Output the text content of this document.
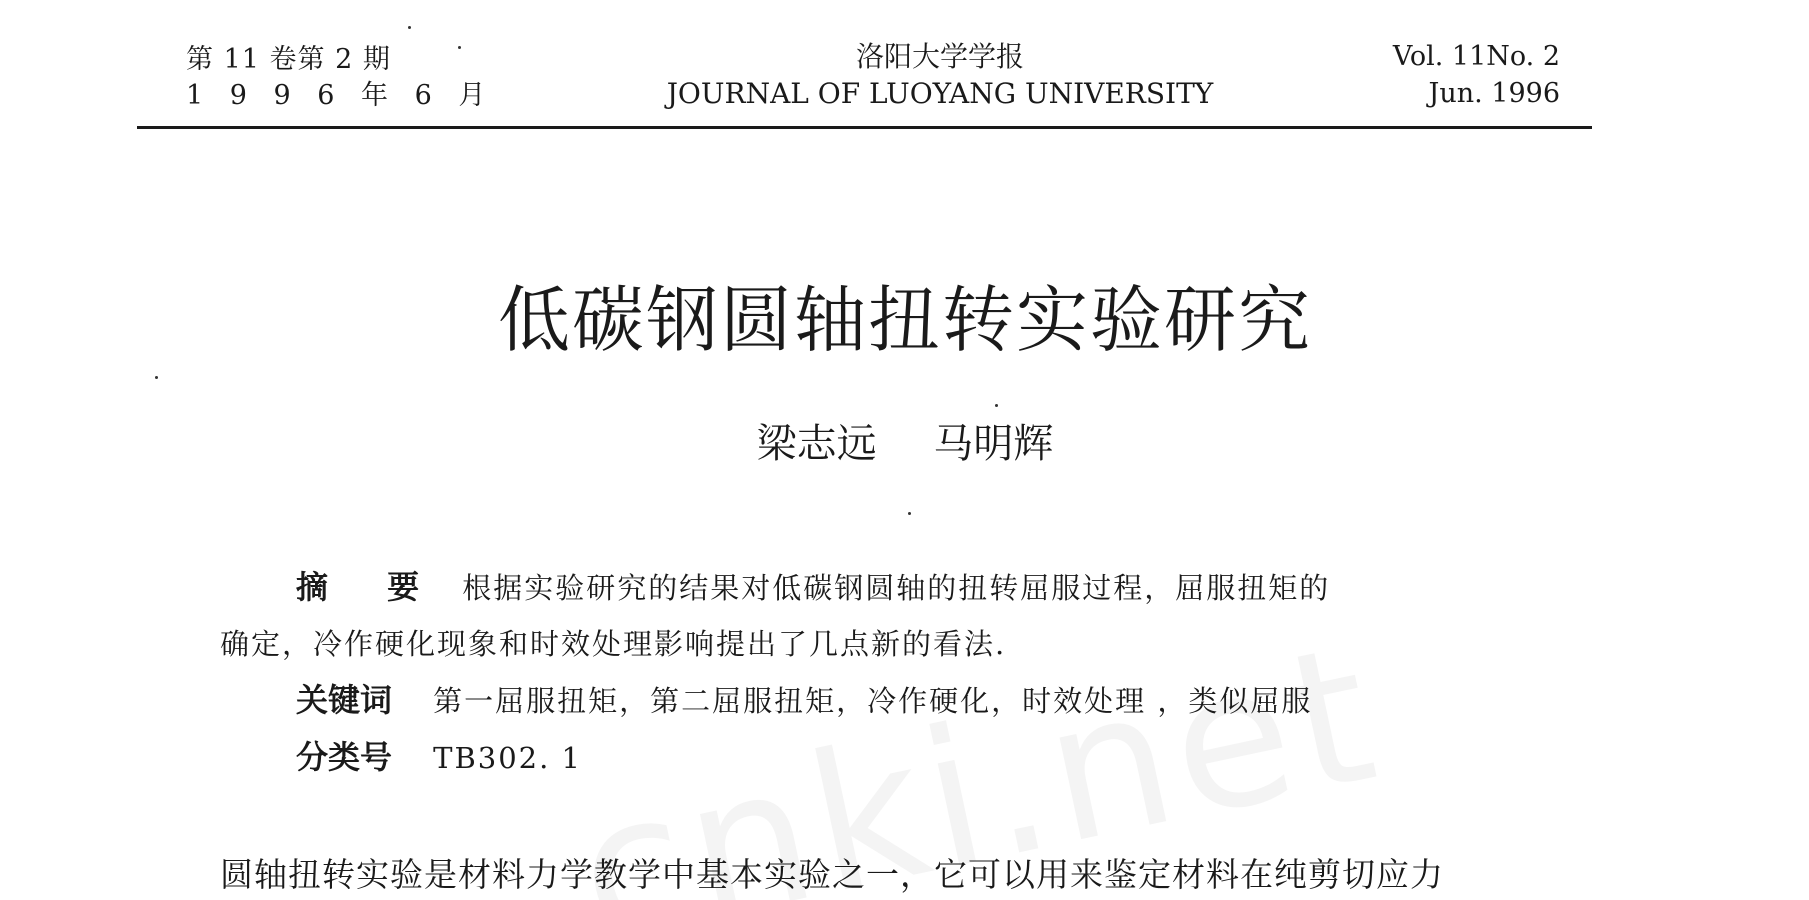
第 11 卷第 2 期
1 9 9 6 年 6 月
洛阳大学学报
JOURNAL OF LUOYANG UNIVERSITY
Vol. 11No. 2
Jun. 1996
低碳钢圆轴扭转实验研究
梁志远 马明辉
摘 要 根据实验研究的结果对低碳钢圆轴的扭转屈服过程，屈服扭矩的
确定，冷作硬化现象和时效处理影响提出了几点新的看法.
关键词 第一屈服扭矩，第二屈服扭矩，冷作硬化，时效处理 ，类似屈服
分类号 TB302. 1
圆轴扭转实验是材料力学教学中基本实验之一，它可以用来鉴定材料在纯剪切应力
